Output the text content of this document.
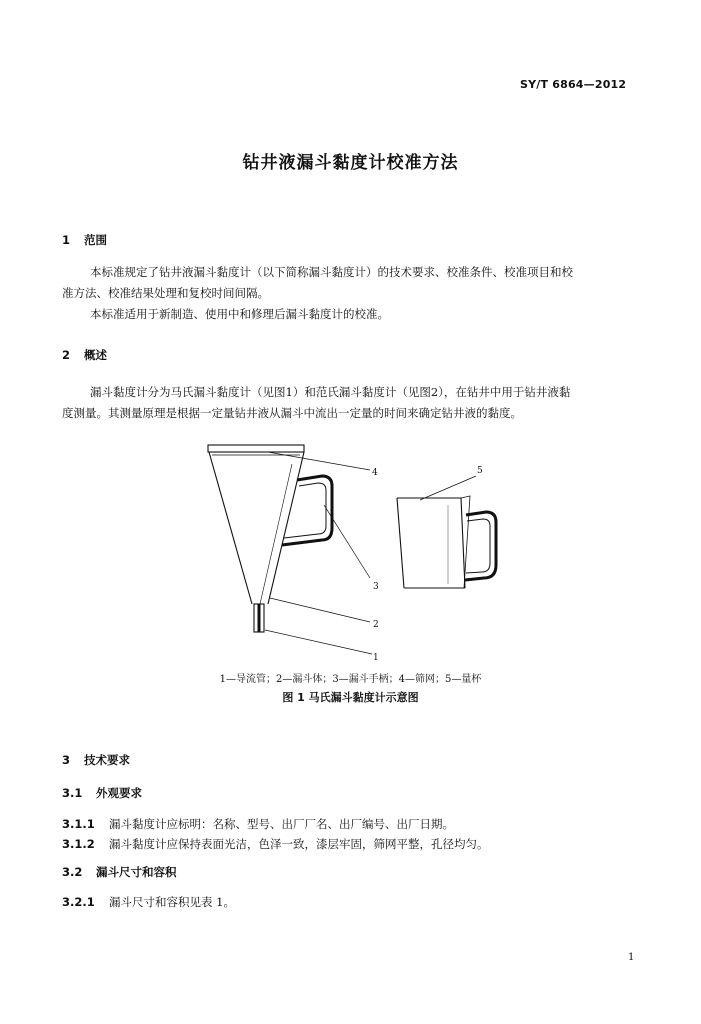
SY/T 6864—2012
钻井液漏斗黏度计校准方法
1 范围
本标准规定了钻井液漏斗黏度计（以下简称漏斗黏度计）的技术要求、校准条件、校准项目和校
准方法、校准结果处理和复校时间间隔。
本标准适用于新制造、使用中和修理后漏斗黏度计的校准。
2 概述
漏斗黏度计分为马氏漏斗黏度计（见图1）和范氏漏斗黏度计（见图2），在钻井中用于钻井液黏
度测量。其测量原理是根据一定量钻井液从漏斗中流出一定量的时间来确定钻井液的黏度。
4
3
2
1
5
1—导流管；2—漏斗体；3—漏斗手柄；4—筛网；5—量杯
图 1 马氏漏斗黏度计示意图
3 技术要求
3.1 外观要求
3.1.1 漏斗黏度计应标明：名称、型号、出厂厂名、出厂编号、出厂日期。
3.1.2 漏斗黏度计应保持表面光洁，色泽一致，漆层牢固，筛网平整，孔径均匀。
3.2 漏斗尺寸和容积
3.2.1 漏斗尺寸和容积见表 1。
1
